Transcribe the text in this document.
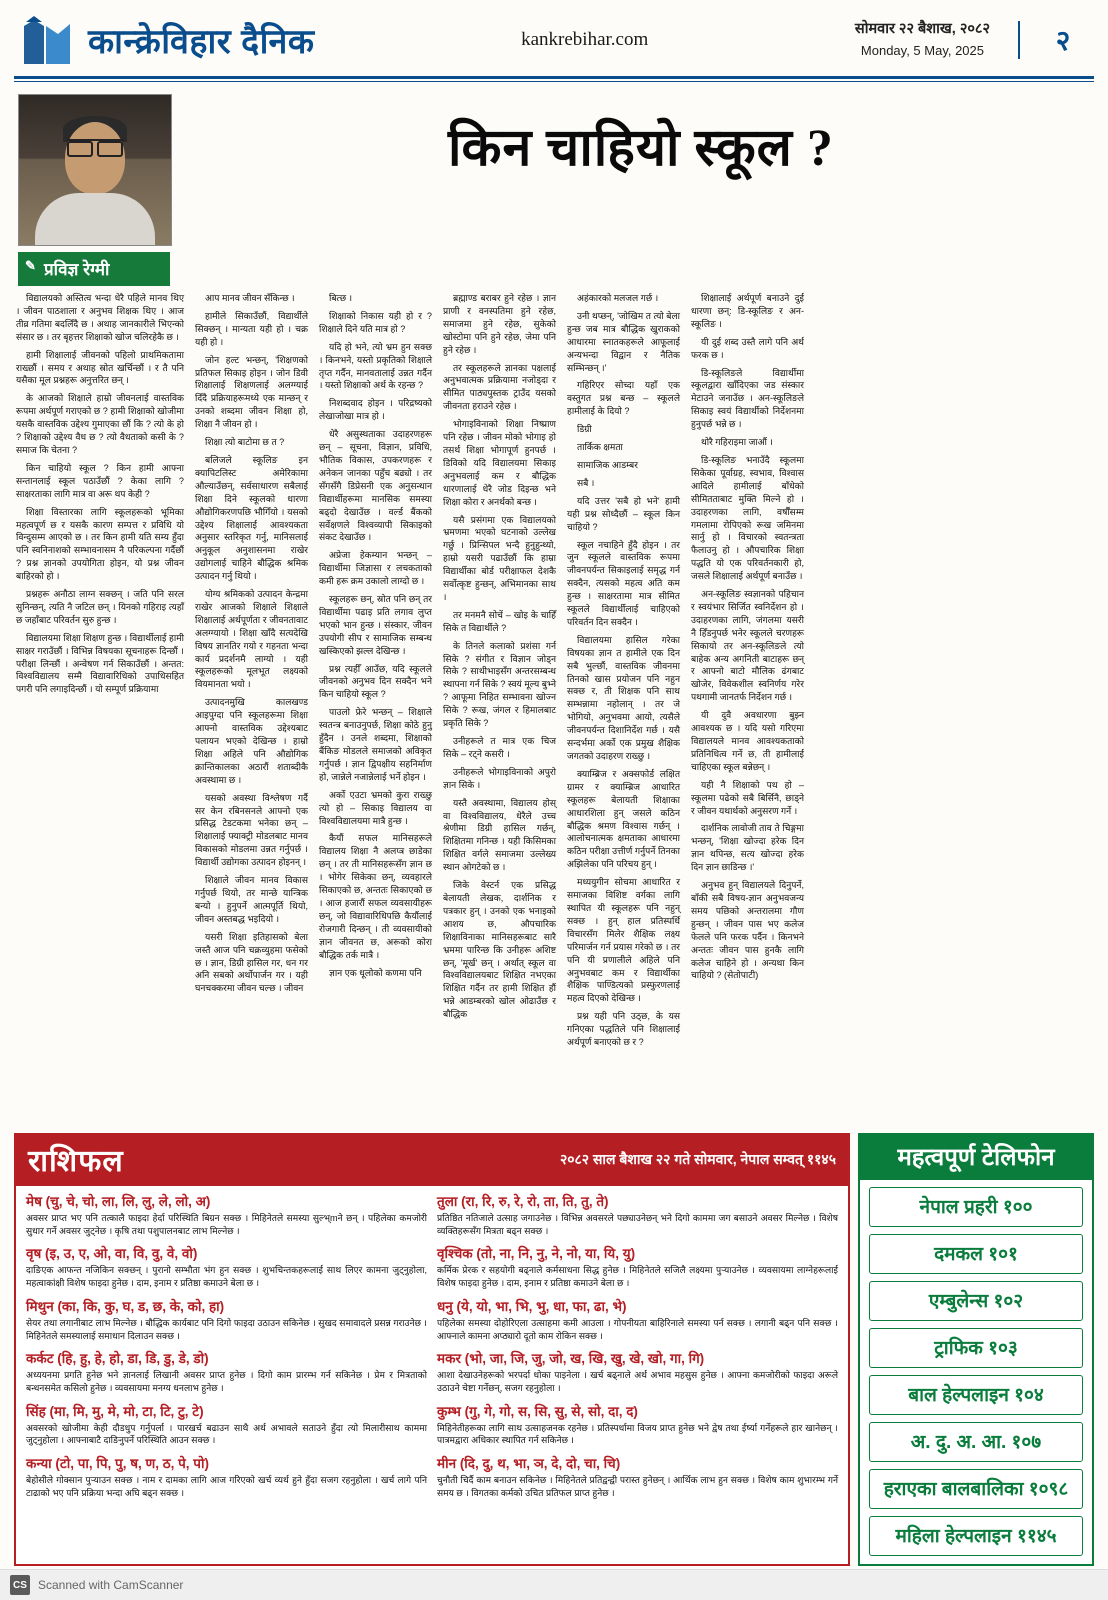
कान्क्रेविहार दैनिक	kankrebihar.com	सोमवार २२ बैशाख, २०८२
Monday, 5 May, 2025	२
✎ प्रविज्ञ रेग्मी
किन चाहियो स्कूल ?

विद्यालयको अस्तित्व भन्दा धेरै पहिले मानव थिए । जीवन पाठशाला र अनुभव शिक्षक थिए । आज तीव्र गतिमा बदलिँदै छ । अथाह जानकारीले भिएन्को संसार छ । तर बृहत्तर शिक्षाको खोज चलिरहेकै छ ।

हामी शिक्षालाई जीवनको पहिलो प्राथमिकतामा राख्छौं । समय र अथाह स्रोत खर्चिन्छौं । र तै पनि यसैका मूल प्रश्नहरू अनुत्तरित छन् ।

के आजको शिक्षाले हाम्रो जीवनलाई वास्तविक रूपमा अर्थपूर्ण गराएको छ ? हामी शिक्षाको खोजीमा यसकै वास्तविक उद्देश्य गुमाएका छौं कि ? त्यो के हो ? शिक्षाको उद्देश्य वैध छ ? त्यो वैधताको कसी के ? समाज कि चेतना ?

किन चाहियो स्कूल ? किन हामी आफ्ना सन्तानलाई स्कूल पठाउँछौं ? केका लागि ? साक्षरताका लागि मात्र वा अरू थप केही ?

शिक्षा विस्तारका लागि स्कूलहरूको भूमिका महत्वपूर्ण छ र यसकै कारण सम्पत्त र प्रविधि यो विन्दुसम्म आएको छ । तर किन हामी यति सम्य हुँदा पनि स्वनिनाशको सम्भावनासम नै परिकल्पना गर्दैछौं ? प्रश्न ज्ञानको उपयोगिता होइन, यो प्रश्न जीवन बाहिरको हो ।

प्रश्नहरू अनौठा लाग्न सक्छन् । जति पनि सरल सुनिन्छन्, त्यति नै जटिल छन् । यिनको गहिराइ त्यहाँ छ जहाँबाट परिवर्तन सुरु हुन्छ ।

विद्यालयमा शिक्षा शिक्षण हुन्छ । विद्यार्थीलाई हामी साक्षर गराउँछौं । विभिन्न विषयका सूचनाहरू दिन्छौं । परीक्षा लिन्छौं । अन्वेषण गर्न सिकाउँछौं । अन्तत: विश्वविद्यालय सम्मै विद्यावारिधिको उपाधिसहित पगरी पनि लगाइदिन्छौं । यो सम्पूर्ण प्रक्रियामा

आप मानव जीवन सँकिन्छ ।

हामीले सिकाउँछौं, विद्यार्थीले सिक्छन् । मान्यता यही हो । चक्र यही हो ।

जोन हल्ट भन्छन्, 'शिक्षणको प्रतिफल सिकाइ होइन । जोन डिवी शिक्षालाई शिक्षणलाई अलग्ग्याई दिँदै प्रक्रियाहरूमध्ये एक मान्छन् र उनको शब्दमा जीवन शिक्षा हो, शिक्षा नै जीवन हो ।

शिक्षा त्यो बाटोमा छ त ?

बलिजले स्कूलिङ इन क्यापिटलिस्ट अमेरिकामा औल्याउँछन्, सर्वसाधारण सबैलाई शिक्षा दिने स्कूलको धारणा औद्योगिकरणपछि भौगिँयो । यसको उद्देश्य शिक्षालाई आवश्यकता अनुसार स्तरिकृत गर्नु, मानिसलाई अनुकूल अनुशासनमा राखेर उद्योगलाई चाहिने बौद्धिक श्रमिक उत्पादन गर्नु थियो ।

योग्य श्रमिकको उत्पादन केन्द्रमा राखेर आजको शिक्षाले शिक्षाले शिक्षालाई अर्थपूर्णता र जीवनतावाट अलग्ग्यायो । शिक्षा खाँदै सत्यदेखि विषय ज्ञानतिर गयो र गहनता भन्दा कार्य प्रदर्शनमै लाग्यो । यही स्कूलहरूको मूलभूत लक्ष्यको वियमानता भयो ।

उत्पादनमुखि कालखण्ड आइपुग्दा पनि स्कूलहरूमा शिक्षा आफ्नो वास्तविक उद्देश्यबाट पलायन भएको देखिन्छ । हाम्रो शिक्षा अहिले पनि औद्योगिक क्रान्तिकालका अठारौं शताब्दीकै अवस्थामा छ ।

यसको अवस्था विश्लेषण गर्दै सर केन रबिनसनले आफ्नो एक प्रसिद्ध टेडटकमा भनेका छन् – शिक्षालाई फ्याक्ट्री मोडलबाट मानव विकासको मोडलमा उन्नत गर्नुपर्छ । विद्यार्थी उद्योगका उत्पादन होइनन् ।

शिक्षाले जीवन मानव विकास गर्नुपर्छ थियो, तर मान्छे यान्त्रिक बन्यो । हुनुपर्ने आत्मपूर्ति थियो, जीवन अस्तबद्ध भइदियो ।

यसरी शिक्षा इतिहासको बेला जस्तै आज पनि चक्रव्युहमा फसेको छ । ज्ञान, डिग्री हासिल गर, धन गर अनि सबको अर्थोपार्जन गर । यही घनचक्करमा जीवन चल्छ । जीवन

बित्छ ।

शिक्षाको निकास यही हो र ? शिक्षाले दिने यति मात्र हो ?

यदि हो भने, त्यो भ्रम हुन सक्छ । किनभने, यस्तो प्रकृतिको शिक्षाले तृप्त गर्दैन, मानवतालाई उन्नत गर्दैन । यस्तो शिक्षाको अर्थ के रहन्छ ?

निशब्दवाद होइन । परिद्रष्यको लेखाजोखा मात्र हो ।

धेरै असुस्थताका उदाहरणहरू छन् – सूचना, विज्ञान, प्रविधि, भौतिक विकास, उपकरणहरू र अनेकन जानका पहुँच बढ्यो । तर सँगसँगै डिप्रेसनी एक अनुसन्धान विद्यार्थीहरूमा मानसिक समस्या बढ्दो देखाउँछ । वर्ल्ड बैंकको सर्वेक्षणले विश्वव्यापी सिकाइको संकट देखाउँछ ।

अप्रेजा हेकम्यान भन्छन् – विद्यार्थीमा जिज्ञासा र लचकताको कमी हरू क्रम उकालो लाग्दो छ ।

स्कूलहरू छन्, स्रोत पनि छन् तर विद्यार्थीमा पढाइ प्रति लगाव लुप्त भएको भान हुन्छ । संस्कार, जीवन उपयोगी सीप र सामाजिक सम्बन्ध खस्किएको झल्ल देखिन्छ ।

प्रश्न त्यहीँ आउँछ, यदि स्कूलले जीवनको अनुभव दिन सक्दैन भने किन चाहियो स्कूल ?

पाउलो फ्रेरे भन्छन् – शिक्षाले स्वतन्त्र बनाउनुपर्छ, शिक्षा कोठे हुनु हुँदैन । उनले शब्दमा, शिक्षाको बैंकिङ मोडलले समाजको अविकृत गर्नुपर्छ । ज्ञान द्विपक्षीय सहनिर्माण हो, जान्नेले नजान्नेलाई भर्ने होइन ।

अर्को एउटा भ्रमको कुरा राख्छु त्यो हो – सिकाइ विद्यालय वा विश्वविद्यालयमा मात्रै हुन्छ ।

कैयौं सफल मानिसहरूले विद्यालय शिक्षा नै अलप्त्र छाडेका छन् । तर ती मानिसहरूसँग ज्ञान छ । भोगेर सिकेका छन्, व्यवहारले सिकाएको छ, अन्ततः सिकाएको छ । आज हजारौं सफल व्यवसायीहरू छन्, जो विद्यावारिधिपछि कैयौंलाई रोजगारी दिन्छन् । ती व्यवसायीको ज्ञान जीवनत छ, अरूको कोरा बौद्धिक तर्क मात्रै ।

ज्ञान एक धूलोको कणमा पनि

ब्रह्माण्ड बराबर हुने रहेछ । ज्ञान प्राणी र वनस्पतिमा हुने रहेछ, समाजमा हुने रहेछ, सुकेको खोस्टोमा पनि हुने रहेछ, जेमा पनि हुने रहेछ ।

तर स्कूलहरूले ज्ञानका पक्षलाई अनुभवात्मक प्रक्रियामा नजोड्दा र सीमित पाठ्यपुस्तक ट्राउँद यसको जीवनता हराउने रहेछ ।

भोगाइविनाको शिक्षा निष्प्राण पनि रहेछ । जीवन मोको भोगाइ हो तसर्थ शिक्षा भोगापूर्ण हुनपर्छ । डिविको यदि विद्यालयमा सिकाइ अनुभवलाई कम र बौद्धिक धारणालाई धेरै जोड दिइन्छ भने शिक्षा कोरा र अनर्थको बन्छ ।

यसै प्रसंगमा एक विद्यालयको भ्रमणमा भएको घटनाको उल्लेख गर्छु । प्रिन्सिपल भन्दै हुनुहुन्थ्यो, हाम्रो यसरी पढाउँछौं कि हाम्रा विद्यार्थीका बोर्ड परीक्षाफल देशकै सर्वोत्कृष्ट हुन्छन्, अभिमानका साथ ।

तर मनमनै सोचें – खोइ के चाहिँ सिके त विद्यार्थीले ?

के तिनले कलाको प्रशंसा गर्न सिके ? संगीत र विज्ञान जोड्न सिके ? साथीभाइसँग अन्तरसम्बन्ध स्थापना गर्न सिके ? स्वयं मूल्य बुभ्ने ? आफूमा निहित सम्भावना खोज्न सिके ? रूख, जंगल र हिमालबाट प्रकृति सिके ?

उनीहरूले त मात्र एक चिज सिके – रट्ने कसरी ।

उनीहरूले भोगाइविनाको अपुरो ज्ञान सिके ।

यस्तै अवस्थामा, विद्यालय होस् वा विश्वविद्यालय, धेरैले उच्च श्रेणीमा डिग्री हासिल गर्छन्, शिक्षितमा गनिन्छ । यही किसिमका शिक्षित वर्गले समाजमा उल्लेख्य स्थान ओगटेको छ ।

जिके वेस्टर्न एक प्रसिद्ध बेलायती लेखक, दार्शनिक र पत्रकार हुन् । उनको एक भनाइको आशय छ, औपचारिक शिक्षाविनाका मानिसहरूबाट सारै भ्रममा पारिन्छ कि उनीहरू अशिष्ट छन्, 'मूर्ख' छन् । अर्थात् स्कूल वा विश्वविद्यालयबाट शिक्षित नभएका शिक्षित गर्दैन तर हामी शिक्षित हौं भन्ने आडम्बरको खोल ओढाउँछ र बौद्धिक

अहंकारको मलजल गर्छ ।

उनी थप्छन्, 'जोखिम त त्यो बेला हुन्छ जब मात्र बौद्धिक खुराकको आधारमा स्नातकहरूले आफूलाई अन्यभन्दा विद्वान र नैतिक सम्भिन्छन् ।'

गहिरिएर सोच्दा यहाँ एक वस्तुगत प्रश्न बन्छ – स्कूलले हामीलाई के दियो ?

डिग्री

तार्किक क्षमता

सामाजिक आडम्बर

सबै ।

यदि उत्तर 'सबै हो भने' हामी यही प्रश्न सोध्दैछौं – स्कूल किन चाहियो ?

स्कूल नचाहिने हुँदै होइन । तर जुन स्कूलले वास्तविक रूपमा जीवनपर्यन्त सिकाइलाई समृद्ध गर्न सक्दैन, त्यसको महत्व अति कम हुन्छ । साक्षरतामा मात्र सीमित स्कूलले विद्यार्थीलाई चाहिएको परिवर्तन दिन सक्दैन ।

विद्यालयमा हासिल गरेका विषयका ज्ञान त हामीले एक दिन सबै भुल्छौं, वास्तविक जीवनमा तिनको खास प्रयोजन पनि नहुन सक्छ र, ती शिक्षक पनि साथ सम्भन्नामा नहोलान् । तर जे भोगियो, अनुभवमा आयो, त्यसैले जीवनपर्यन्त दिशानिर्देश गर्छ । यसै सन्दर्भमा अर्को एक प्रमुख शैक्षिक जगतको उदाहरण राख्छु ।

क्याम्ब्रिज र अक्सफोर्ड लक्षित ग्रामर र क्याम्ब्रिज आधारित स्कूलहरू बेलायती शिक्षाका आधारशिला हुन् जसले कठिन बौद्धिक श्रमण विश्वास गर्छन् । आलोचनात्मक क्षमताका आधारमा कठिन परीक्षा उत्तीर्ण गर्नुपर्ने तिनका अझिलेका पनि परिचय हुन् ।

मध्ययुगीन सोचमा आधारित र समाजका विशिष्ट वर्गका लागि स्थापित यी स्कूलहरू पनि नहुन् सक्छ । हुन् हाल प्रतिस्पर्धि विचारसँग मिलेर शैक्षिक लक्ष्य परिमार्जन गर्न प्रयास गरेको छ । तर पनि यी प्रणालीले अहिले पनि अनुभवबाट कम र विद्यार्थीका शैक्षिक पाण्डित्यको प्रस्फुरणलाई महत्व दिएको देखिन्छ ।

प्रश्न यही पनि उठ्छ, के यस गनिएका पद्धतिले पनि शिक्षालाई अर्थपूर्ण बनाएको छ र ?

शिक्षालाई अर्थपूर्ण बनाउने दुई धारणा छन्: डि-स्कूलिङ र अन-स्कूलिङ ।

यी दुई शब्द उस्तै लागे पनि अर्थ फरक छ ।

डि-स्कूलिङले विद्यार्थीमा स्कूलद्वारा खाँदिएका जड संस्कार मेटाउने जनाउँछ । अन-स्कूलिङले सिकाइ स्वयं विद्यार्थीको निर्देशनमा हुनुपर्छ भन्ने छ ।

थोरै गहिराइमा जाऔं ।

डि-स्कूलिङ भनाउँदै स्कूलमा सिकेका पूर्वाग्रह, स्वभाव, विश्वास आदिले हामीलाई बाँधेको सीमितताबाट मुक्ति मिल्ने हो । उदाहरणका लागि, वर्षौंसम्म गमलामा रोपिएको रूख जमिनमा सार्नु हो । विचारको स्वतन्त्रता फैलाउनु हो । औपचारिक शिक्षा पद्धति यो एक परिवर्तनकारी हो, जसले शिक्षालाई अर्थपूर्ण बनाउँछ ।

अन-स्कूलिङ स्वज्ञानको पहिचान र स्वयंभार सिर्जित स्वनिर्देशन हो । उदाहरणका लागि, जंगलमा यसरी नै हिँडनुपर्छ भनेर स्कूलले चरणहरू सिकायो तर अन-स्कूलिङले त्यो बाहेक अन्य अगनिती बाटाहरू छन् र आफ्नो बाटो मौलिक ढंगबाट खोजेर, विवेकशील स्वनिर्णय गरेर पथगामी जानतर्फ निर्देशन गर्छ ।

यी दुवै अवधारणा बुझ्न आवश्यक छ । यदि यसो गरिएमा विद्यालयले मानव आवश्यकताको प्रतिनिधित्व गर्ने छ, ती हामीलाई चाहिएका स्कूल बन्नेछन् ।

यही नै शिक्षाको पथ हो – स्कूलमा पढेको सबै बिर्सिनै, छाड्ने र जीवन यथार्थको अनुसरण गर्ने ।

दार्शनिक लावोजी ताव ते चिङ्गमा भन्छन्, 'शिक्षा खोज्दा हरेक दिन ज्ञान थपिन्छ, सत्य खोज्दा हरेक दिन ज्ञान छाडिन्छ ।'

अनुभव हुन् विद्यालयले दिनुपर्ने, बाँकी सबै विषय-ज्ञान अनुभवजन्य समय पछिको अन्तरालमा गौण हुन्छन् । जीवन पास भए कलेज फेलले पनि फरक पर्दैन । किनभने अन्ततः जीवन पास हुनकै लागि कलेज चाहिने हो । अन्यथा किन चाहियो ? (सेतोपाटी)

राशिफल	२०८२ साल बैशाख २२ गते सोमवार, नेपाल सम्वत् ११४५
मेष (चु, चे, चो, ला, लि, लु, ले, लो, अ)
अवसर प्राप्त भए पनि तत्कालै फाइदा हेर्दा परिस्थिति बिग्रन सक्छ । मिहिनेतले समस्या सुल्भ्mने छन् । पहिलेका कमजोरी सुधार गर्ने अवसर जुट्नेछ । कृषि तथा पशुपालनबाट लाभ मिल्नेछ ।
वृष (इ, उ, ए, ओ, वा, वि, वु, वे, वो)
दाङिएक आफन्त नजिकिन सक्छन् । पुरानो सम्भौता भंग हुन सक्छ । शुभचिन्तकहरूलाई साथ लिएर कामना जुट्नुहोला, महत्वाकांक्षी विशेष फाइदा हुनेछ । दाम, इनाम र प्रतिष्ठा कमाउने बेला छ ।
मिथुन (का, कि, कु, घ, ड, छ, के, को, हा)
सेयर तथा लगानीबाट लाभ मिल्नेछ । बौद्धिक कार्यबाट पनि दिगो फाइदा उठाउन सकिनेछ । सुखद समावादले प्रसन्न गराउनेछ । मिहिनेतले समस्यालाई समाधान दिलाउन सक्छ ।
कर्कट (हि, हु, हे, हो, डा, डि, डु, डे, डो)
अध्ययनमा प्रगति हुनेछ भने ज्ञानलाई लिखानी अवसर प्राप्त हुनेछ । दिगो काम प्रारम्भ गर्न सकिनेछ । प्रेम र मित्रताको बन्धनसमेत कसिलो हुनेछ । व्यवसायमा मनग्य धनलाभ हुनेछ ।
सिंह (मा, मि, मु, मे, मो, टा, टि, टु, टे)
अवसरको खोजीमा केही दौडधुप गर्नुपर्ला । पारखर्च बढाउन साथै अर्थ अभावले सताउने हुँदा त्यो मिलारीसाथ काममा जुट्नुहोला । आफ्नाबाटै दाङिनुपर्ने परिस्थिति आउन सक्छ ।
कन्या (टो, पा, पि, पु, ष, ण, ठ, पे, पो)
बेहोसीले गोक्सान पुर्‍याउन सक्छ । नाम र दामका लागि आज गरिएको खर्च व्यर्थ हुने हुँदा सजग रहनुहोला । खर्च लागे पनि टाढाको भए पनि प्रक्रिया भन्दा अघि बढ्न सक्छ ।
तुला (रा, रि, रु, रे, रो, ता, ति, तु, ते)
प्रतिष्ठित नतिजाले उत्साह जगाउनेछ । विभिन्न अवसरले पछ्याउनेछन् भने दिगो काममा जग बसाउने अवसर मिल्नेछ । विशेष व्यक्तिहरूसँग मित्रता बढ्न सक्छ ।
वृश्चिक (तो, ना, नि, नु, ने, नो, या, यि, यु)
कर्मिक प्रेरक र सहयोगी बढ्नाले कर्मसाधना सिद्ध हुनेछ । मिहिनेतले सजिलै लक्ष्यमा पुर्‍याउनेछ । व्यवसायमा लाग्नेहरूलाई विशेष फाइदा हुनेछ । दाम, इनाम र प्रतिष्ठा कमाउने बेला छ ।
धनु (ये, यो, भा, भि, भु, धा, फा, ढा, भे)
पहिलेका समस्या दोहोरिएला उत्साहमा कमी आउला । गोपनीयता बाहिरिनाले समस्या पर्न सक्छ । लगानी बढ्न पनि सक्छ । आफ्नाले कामना अप्ठ्यारो दूतो काम रोकिन सक्छ ।
मकर (भो, जा, जि, जु, जो, ख, खि, खु, खे, खो, गा, गि)
आशा देखाउनेहरूको भरपर्दा धोका पाइनेला । खर्च बढ्नाले अर्थ अभाव महसुस हुनेछ । आफ्ना कमजोरीको फाइदा अरूले उठाउने चेष्टा गर्नेछन्, सजग रहनुहोला ।
कुम्भ (गु, गे, गो, स, सि, सु, से, सो, दा, द)
मिहिनेतीहरूका लागि साथ उत्साहजनक रहनेछ । प्रतिस्पर्धामा विजय प्राप्त हुनेछ भने द्वेष तथा ईर्ष्या गर्नेहरूले हार खानेछन् । पात्रमद्वारा अधिकार स्थापित गर्न सकिनेछ ।
मीन (दि, दु, थ, भा, ञ, दे, दो, चा, चि)
चुनौती चिर्दै काम बनाउन सकिनेछ । मिहिनेतले प्रतिद्वन्द्वी परास्त हुनेछन् । आर्थिक लाभ हुन सक्छ । विशेष काम शुभारम्भ गर्ने समय छ । विगतका कर्मको उचित प्रतिफल प्राप्त हुनेछ ।
महत्वपूर्ण टेलिफोन
नेपाल प्रहरी १००
दमकल १०१
एम्बुलेन्स १०२
ट्राफिक १०३
बाल हेल्पलाइन १०४
अ. दु. अ. आ. १०७
हराएका बालबालिका १०९८
महिला हेल्पलाइन ११४५
CS Scanned with CamScanner
